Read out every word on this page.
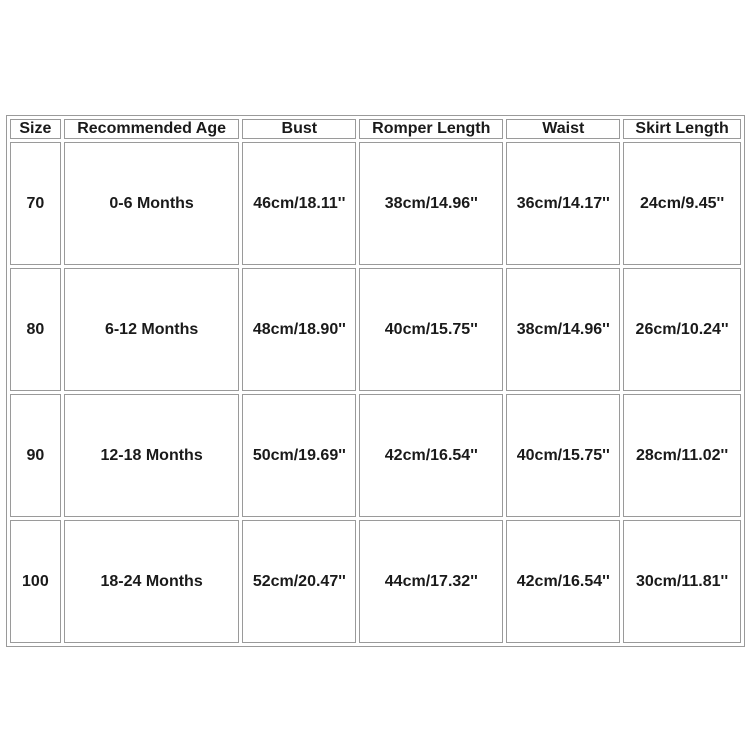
Size	Recommended Age	Bust	Romper Length	Waist	Skirt Length
70	0-6 Months	46cm/18.11''	38cm/14.96''	36cm/14.17''	24cm/9.45''
80	6-12 Months	48cm/18.90''	40cm/15.75''	38cm/14.96''	26cm/10.24''
90	12-18 Months	50cm/19.69''	42cm/16.54''	40cm/15.75''	28cm/11.02''
100	18-24 Months	52cm/20.47''	44cm/17.32''	42cm/16.54''	30cm/11.81''
